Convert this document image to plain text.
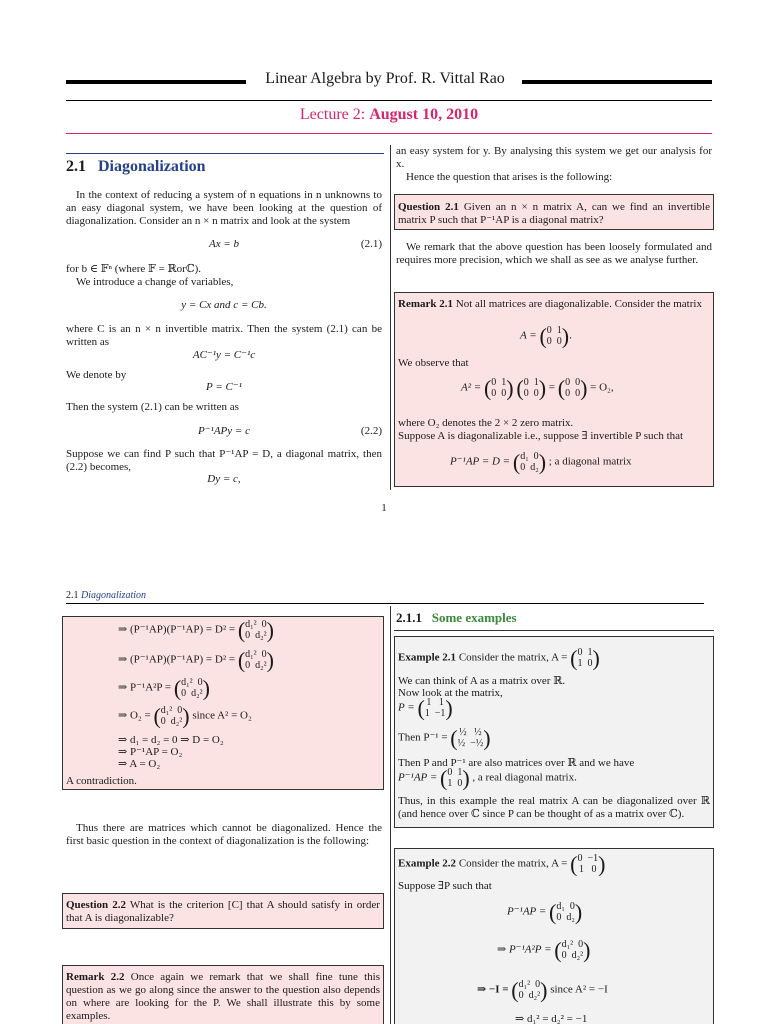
Linear Algebra by Prof. R. Vittal Rao
Lecture 2: August 10, 2010
2.1 Diagonalization
In the context of reducing a system of n equations in n unknowns to an easy diagonal system, we have been looking at the question of diagonalization. Consider an n × n matrix and look at the system
Ax = b	(2.1)
for b ∈ 𝔽ⁿ (where 𝔽 = ℝorℂ).
We introduce a change of variables,
y = Cx and c = Cb.
where C is an n × n invertible matrix. Then the system (2.1) can be written as
AC⁻¹y = C⁻¹c
We denote by
P = C⁻¹
Then the system (2.1) can be written as
P⁻¹APy = c	(2.2)
Suppose we can find P such that P⁻¹AP = D, a diagonal matrix, then (2.2) becomes,
Dy = c,
an easy system for y. By analysing this system we get our analysis for x.
Hence the question that arises is the following:
Question 2.1 Given an n × n matrix A, can we find an invertible matrix P such that P⁻¹AP is a diagonal matrix?
We remark that the above question has been loosely formulated and requires more precision, which we shall as see as we analyse further.
Remark 2.1 Not all matrices are diagonalizable. Consider the matrix
A = ( 0  1
0  0 ).
We observe that
A² = ( 0  1
0  0 ) ( 0  1
0  0 ) = ( 0  0
0  0 ) = O₂,
where O₂ denotes the 2 × 2 zero matrix.
Suppose A is diagonalizable i.e., suppose ∃ invertible P such that
P⁻¹AP = D = ( d₁  0
0  d₂ ) ; a diagonal matrix
1
2.1 Diagonalization
⇒ (P⁻¹AP)(P⁻¹AP) = D² = ( d₁²  0
0  d₂² )
⇒ (P⁻¹AP)(P⁻¹AP) = D² = ( d₁²  0
0  d₂² )
⇒ P⁻¹A²P = ( d₁²  0
0  d₂² )
⇒ O₂ = ( d₁²  0
0  d₂² ) since A² = O₂
⇒ d₁ = d₂ = 0 ⇒ D = O₂
⇒ P⁻¹AP = O₂
⇒ A = O₂
A contradiction.
Thus there are matrices which cannot be diagonalized. Hence the first basic question in the context of diagonalization is the following:
Question 2.2 What is the criterion [C] that A should satisfy in order that A is diagonalizable?
Remark 2.2 Once again we remark that we shall fine tune this question as we go along since the answer to the question also depends on where are looking for the P. We shall illustrate this by some examples.
2.1.1 Some examples
Example 2.1 Consider the matrix, A = ( 0  1
1  0 )
We can think of A as a matrix over ℝ.
Now look at the matrix,
P = ( 1   1
1  −1 )
Then P⁻¹ = ( ½   ½
½  −½ )
Then P and P⁻¹ are also matrices over ℝ and we have
P⁻¹AP = ( 0  1
1  0 ) , a real diagonal matrix.
Thus, in this example the real matrix A can be diagonalized over ℝ (and hence over ℂ since P can be thought of as a matrix over ℂ).
Example 2.2 Consider the matrix, A = ( 0  −1
1   0 )
Suppose ∃P such that
P⁻¹AP = ( d₁  0
0  d₂ )
⇒ P⁻¹A²P = ( d₁²  0
0  d₂² )
⇒ −I = ( d₁²  0
0  d₂² ) since A² = −I
⇒ d₁² = d₂² = −1
